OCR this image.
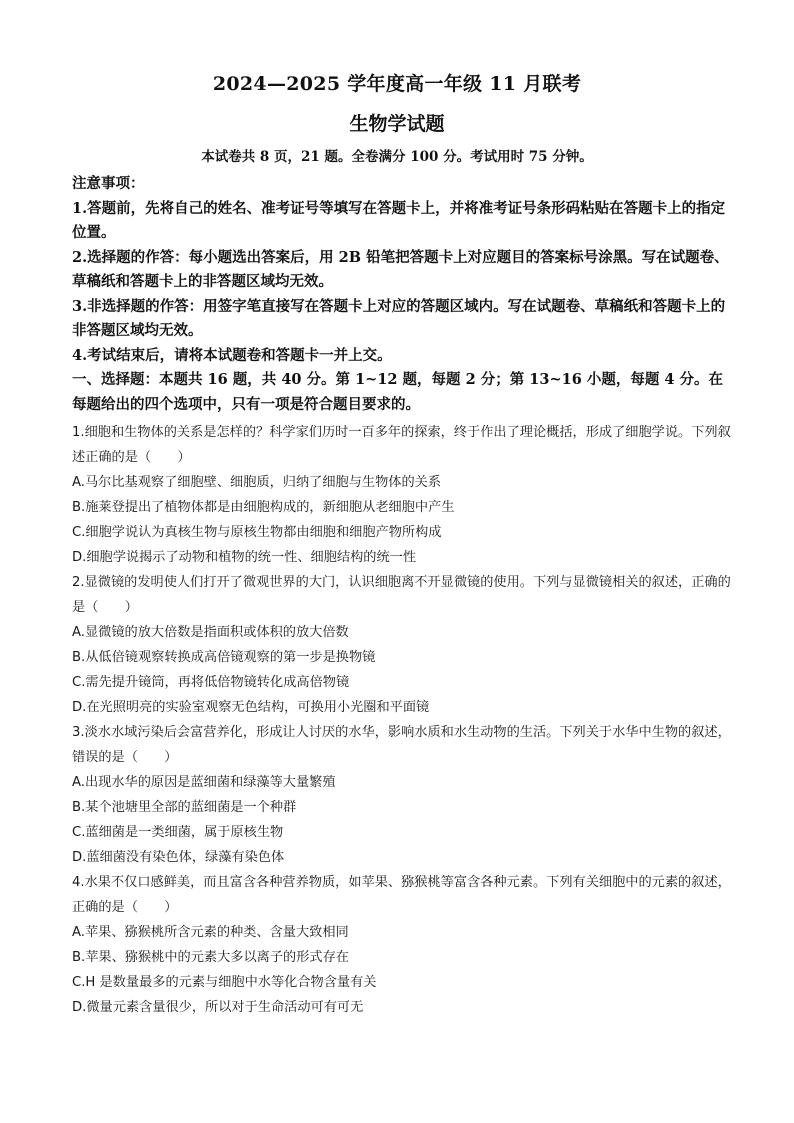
2024—2025 学年度高一年级 11 月联考
生物学试题
本试卷共 8 页，21 题。全卷满分 100 分。考试用时 75 分钟。

注意事项：

1.答题前，先将自己的姓名、准考证号等填写在答题卡上，并将准考证号条形码粘贴在答题卡上的指定位置。

2.选择题的作答：每小题选出答案后，用 2B 铅笔把答题卡上对应题目的答案标号涂黑。写在试题卷、草稿纸和答题卡上的非答题区域均无效。

3.非选择题的作答：用签字笔直接写在答题卡上对应的答题区域内。写在试题卷、草稿纸和答题卡上的非答题区域均无效。

4.考试结束后，请将本试题卷和答题卡一并上交。

一、选择题：本题共 16 题，共 40 分。第 1~12 题，每题 2 分；第 13~16 小题，每题 4 分。在每题给出的四个选项中，只有一项是符合题目要求的。

1.细胞和生物体的关系是怎样的？科学家们历时一百多年的探索，终于作出了理论概括，形成了细胞学说。下列叙述正确的是（　　）

A.马尔比基观察了细胞壁、细胞质，归纳了细胞与生物体的关系

B.施莱登提出了植物体都是由细胞构成的，新细胞从老细胞中产生

C.细胞学说认为真核生物与原核生物都由细胞和细胞产物所构成

D.细胞学说揭示了动物和植物的统一性、细胞结构的统一性

2.显微镜的发明使人们打开了微观世界的大门，认识细胞离不开显微镜的使用。下列与显微镜相关的叙述，正确的是（　　）

A.显微镜的放大倍数是指面积或体积的放大倍数

B.从低倍镜观察转换成高倍镜观察的第一步是换物镜

C.需先提升镜筒，再将低倍物镜转化成高倍物镜

D.在光照明亮的实验室观察无色结构，可换用小光圈和平面镜

3.淡水水域污染后会富营养化，形成让人讨厌的水华，影响水质和水生动物的生活。下列关于水华中生物的叙述，错误的是（　　）

A.出现水华的原因是蓝细菌和绿藻等大量繁殖

B.某个池塘里全部的蓝细菌是一个种群

C.蓝细菌是一类细菌，属于原核生物

D.蓝细菌没有染色体，绿藻有染色体

4.水果不仅口感鲜美，而且富含各种营养物质，如苹果、猕猴桃等富含各种元素。下列有关细胞中的元素的叙述，正确的是（　　）

A.苹果、猕猴桃所含元素的种类、含量大致相同

B.苹果、猕猴桃中的元素大多以离子的形式存在

C.H 是数量最多的元素与细胞中水等化合物含量有关

D.微量元素含量很少，所以对于生命活动可有可无
